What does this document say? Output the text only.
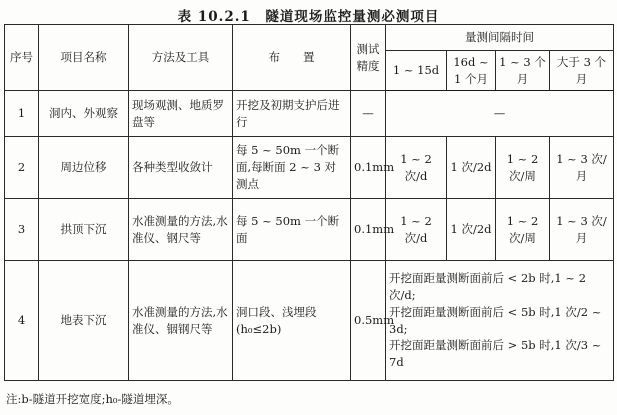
表 10.2.1　隧道现场监控量测必测项目
序号	项目名称	方法及工具	布　　置	测试精度	量测间隔时间			
					1 ~ 15d	16d ~ 1 个月	1 ~ 3 个月	大于 3 个月
1	洞内、外观察	现场观测、地质罗盘等	开挖及初期支护后进行	—	—			
2	周边位移	各种类型收敛计	每 5 ~ 50m 一个断面,每断面 2 ~ 3 对测点	0.1mm	1 ~ 2 次/d	1 次/2d	1 ~ 2 次/周	1 ~ 3 次/月
3	拱顶下沉	水准测量的方法,水准仪、钢尺等	每 5 ~ 50m 一个断面	0.1mm	1 ~ 2 次/d	1 次/2d	1 ~ 2 次/周	1 ~ 3 次/月
4	地表下沉	水准测量的方法,水准仪、铟钢尺等	洞口段、浅埋段(h₀≤2b)	0.5mm	开挖面距量测断面前后 < 2b 时,1 ~ 2 次/d;
开挖面距量测断面前后 < 5b 时,1 次/2 ~ 3d;
开挖面距量测断面前后 > 5b 时,1 次/3 ~ 7d			
注:b-隧道开挖宽度;h₀-隧道埋深。
